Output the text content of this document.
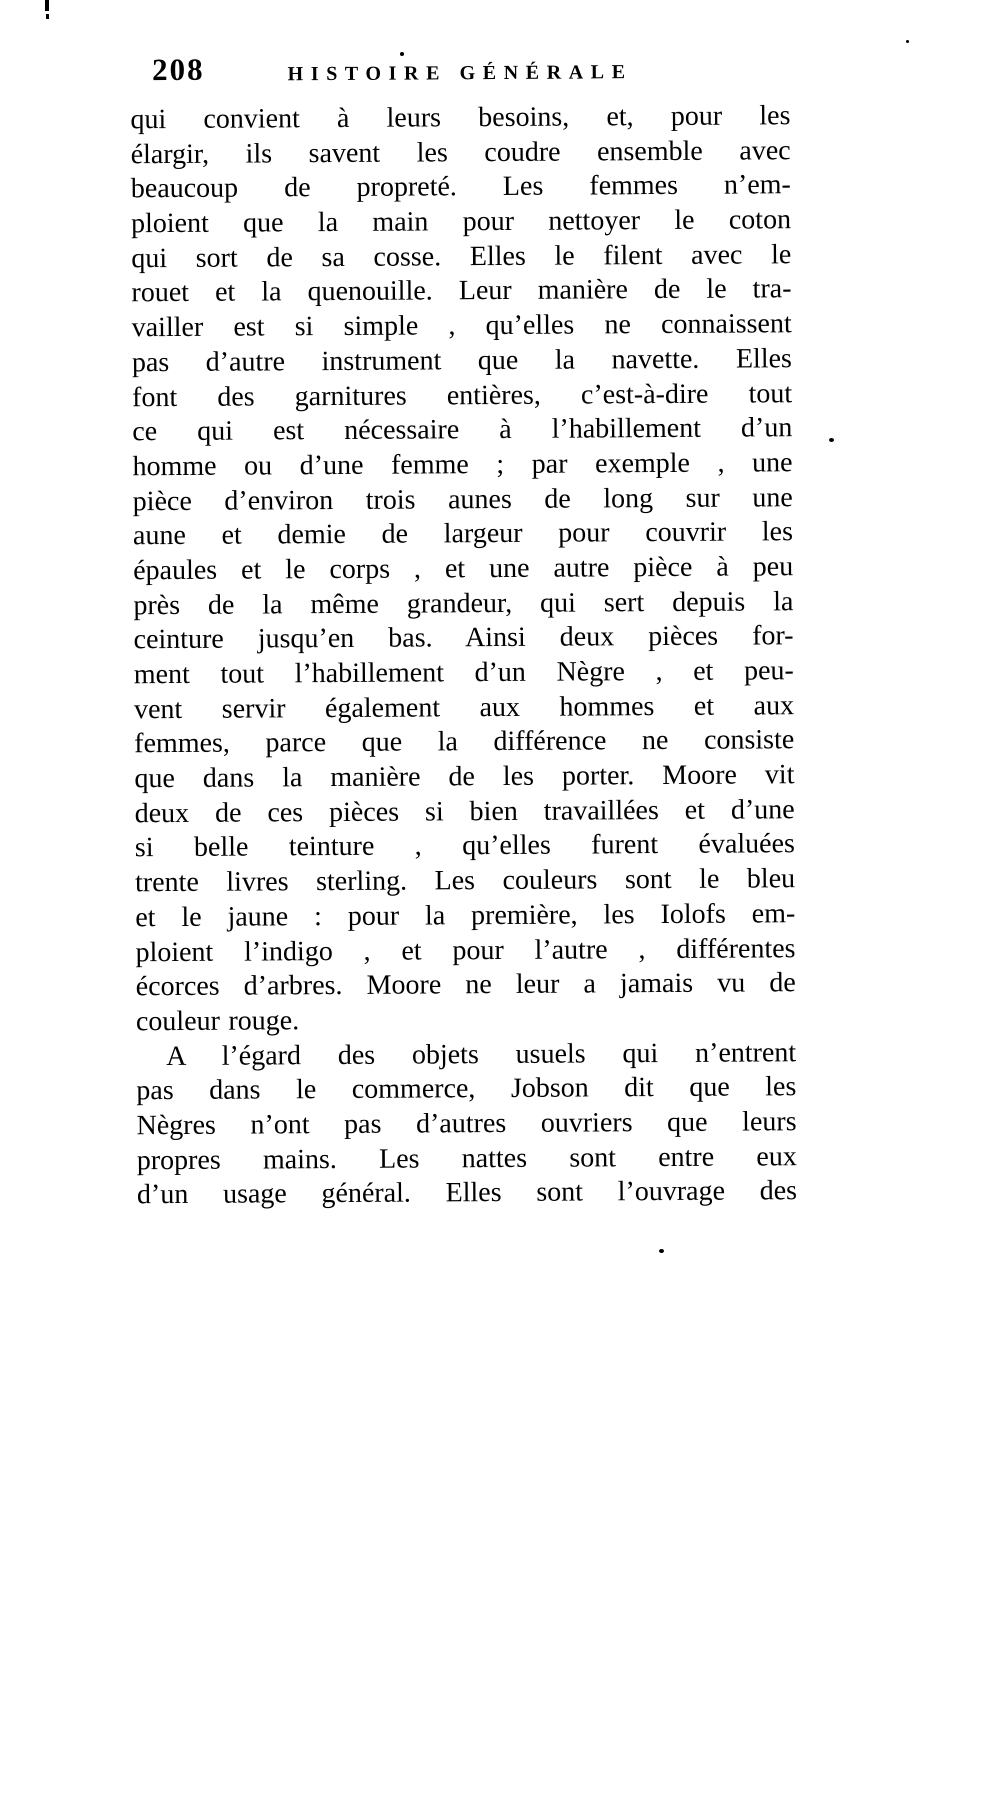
208	HISTOIRE GÉNÉRALE
qui convient à leurs besoins, et, pour les
élargir, ils savent les coudre ensemble avec
beaucoup de propreté. Les femmes n’em-
ploient que la main pour nettoyer le coton
qui sort de sa cosse. Elles le filent avec le
rouet et la quenouille. Leur manière de le tra-
vailler est si simple , qu’elles ne connaissent
pas d’autre instrument que la navette. Elles
font des garnitures entières, c’est-à-dire tout
ce qui est nécessaire à l’habillement d’un
homme ou d’une femme ; par exemple , une
pièce d’environ trois aunes de long sur une
aune et demie de largeur pour couvrir les
épaules et le corps , et une autre pièce à peu
près de la même grandeur, qui sert depuis la
ceinture jusqu’en bas. Ainsi deux pièces for-
ment tout l’habillement d’un Nègre , et peu-
vent servir également aux hommes et aux
femmes, parce que la différence ne consiste
que dans la manière de les porter. Moore vit
deux de ces pièces si bien travaillées et d’une
si belle teinture , qu’elles furent évaluées
trente livres sterling. Les couleurs sont le bleu
et le jaune : pour la première, les Iolofs em-
ploient l’indigo , et pour l’autre , différentes
écorces d’arbres. Moore ne leur a jamais vu de
couleur rouge.
A l’égard des objets usuels qui n’entrent
pas dans le commerce, Jobson dit que les
Nègres n’ont pas d’autres ouvriers que leurs
propres mains. Les nattes sont entre eux
d’un usage général. Elles sont l’ouvrage des
